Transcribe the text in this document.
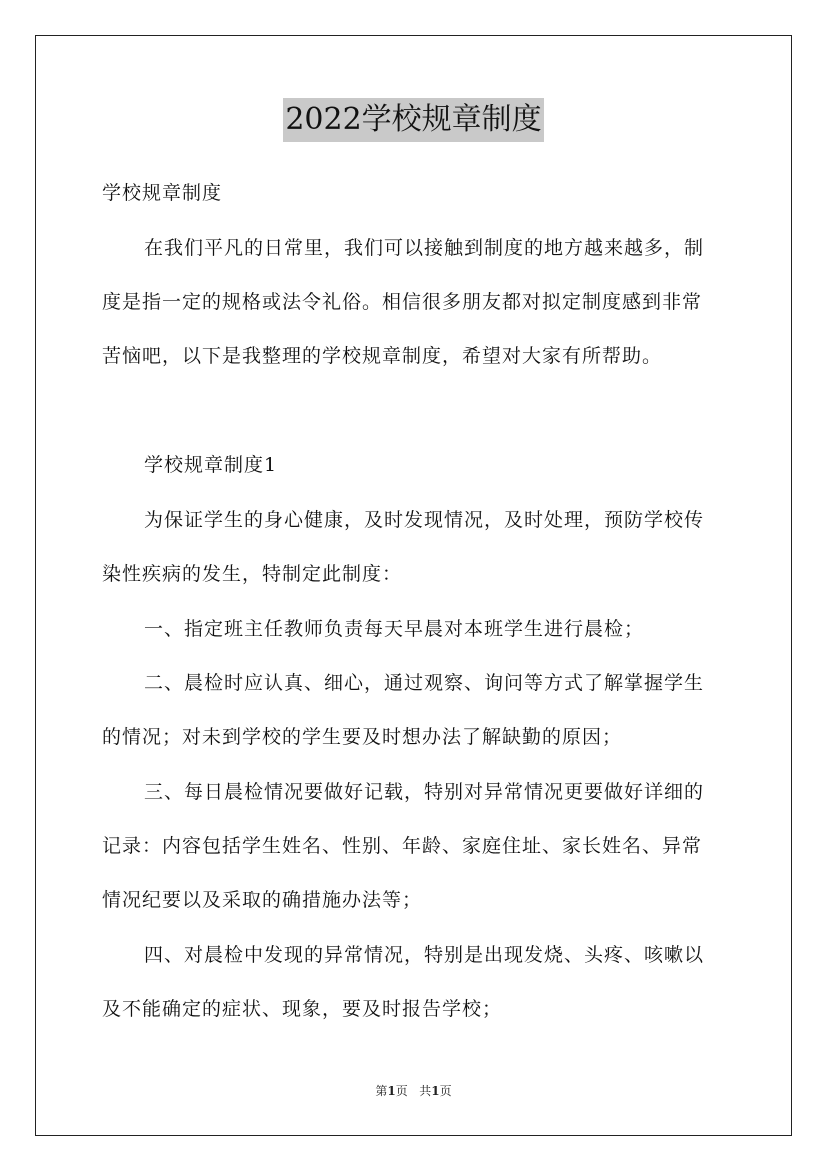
2022学校规章制度
学校规章制度
在我们平凡的日常里，我们可以接触到制度的地方越来越多，制
度是指一定的规格或法令礼俗。相信很多朋友都对拟定制度感到非常
苦恼吧，以下是我整理的学校规章制度，希望对大家有所帮助。
学校规章制度1
为保证学生的身心健康，及时发现情况，及时处理，预防学校传
染性疾病的发生，特制定此制度：
一、指定班主任教师负责每天早晨对本班学生进行晨检；
二、晨检时应认真、细心，通过观察、询问等方式了解掌握学生
的情况；对未到学校的学生要及时想办法了解缺勤的原因；
三、每日晨检情况要做好记载，特别对异常情况更要做好详细的
记录：内容包括学生姓名、性别、年龄、家庭住址、家长姓名、异常
情况纪要以及采取的确措施办法等；
四、对晨检中发现的异常情况，特别是出现发烧、头疼、咳嗽以
及不能确定的症状、现象，要及时报告学校；
第1页   共1页
